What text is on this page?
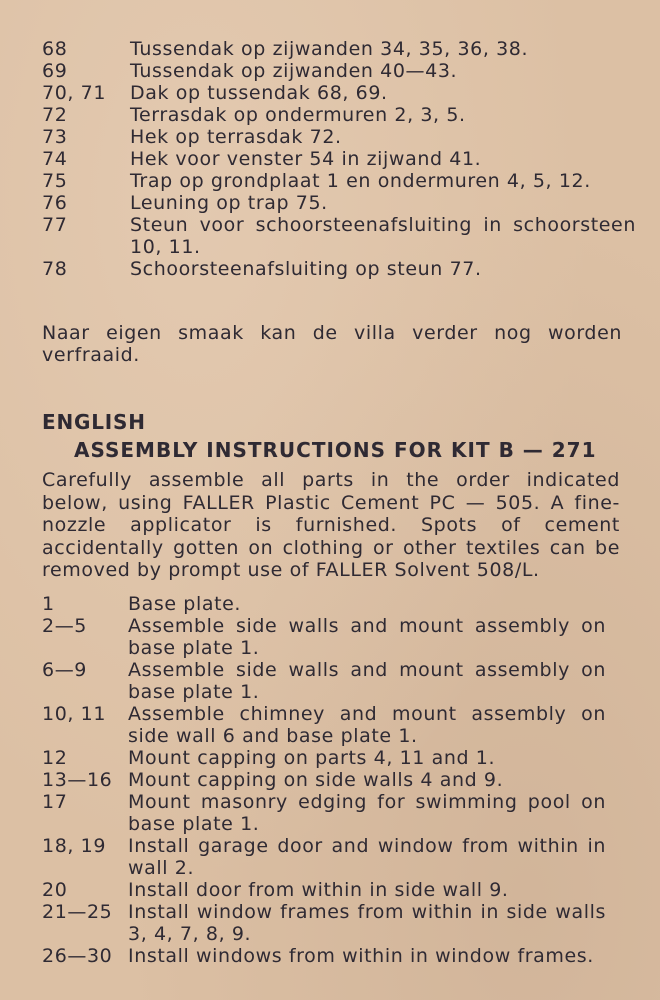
68	Tussendak op zijwanden 34, 35, 36, 38.
69	Tussendak op zijwanden 40—43.
70, 71	Dak op tussendak 68, 69.
72	Terrasdak op ondermuren 2, 3, 5.
73	Hek op terrasdak 72.
74	Hek voor venster 54 in zijwand 41.
75	Trap op grondplaat 1 en ondermuren 4, 5, 12.
76	Leuning op trap 75.
77	Steun voor schoorsteenafsluiting in schoorsteen 10, 11.
78	Schoorsteenafsluiting op steun 77.
Naar eigen smaak kan de villa verder nog worden verfraaid.
ENGLISH
ASSEMBLY INSTRUCTIONS FOR KIT B — 271
Carefully assemble all parts in the order indicated below, using FALLER Plastic Cement PC — 505. A fine-nozzle applicator is furnished. Spots of cement accidentally gotten on clothing or other textiles can be removed by prompt use of FALLER Solvent 508/L.
1	Base plate.
2—5	Assemble side walls and mount assembly on base plate 1.
6—9	Assemble side walls and mount assembly on base plate 1.
10, 11	Assemble chimney and mount assembly on side wall 6 and base plate 1.
12	Mount capping on parts 4, 11 and 1.
13—16 Mount capping on side walls 4 and 9.
17	Mount masonry edging for swimming pool on base plate 1.
18, 19	Install garage door and window from within in wall 2.
20	Install door from within in side wall 9.
21—25 Install window frames from within in side walls 3, 4, 7, 8, 9.
26—30 Install windows from within in window frames.
